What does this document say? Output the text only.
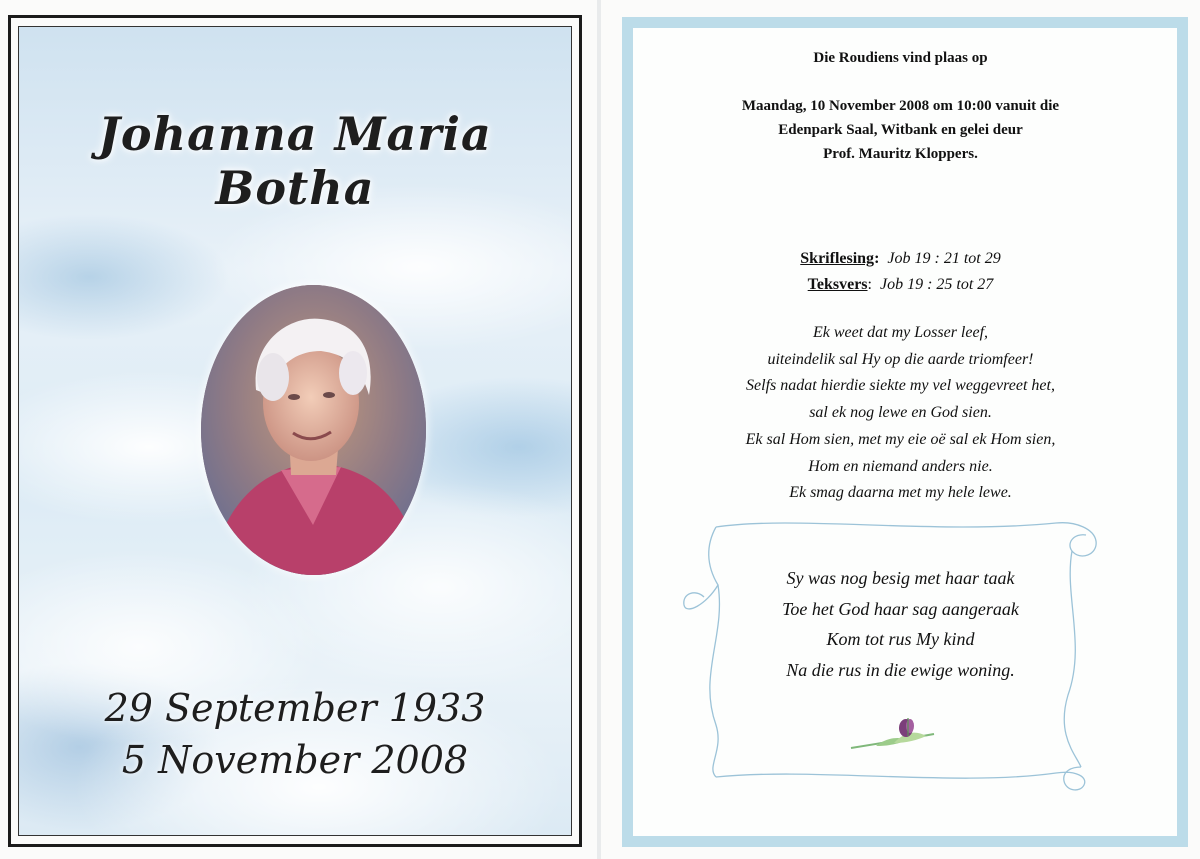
Johanna Maria Botha
29 September 1933
5 November 2008
Die Roudiens vind plaas op
Maandag, 10 November 2008 om 10:00 vanuit die
Edenpark Saal, Witbank en gelei deur
Prof. Mauritz Kloppers.
Skriflesing: Job 19 : 21 tot 29
Teksvers: Job 19 : 25 tot 27
Ek weet dat my Losser leef,
uiteindelik sal Hy op die aarde triomfeer!
Selfs nadat hierdie siekte my vel weggevreet het,
sal ek nog lewe en God sien.
Ek sal Hom sien, met my eie oë sal ek Hom sien,
Hom en niemand anders nie.
Ek smag daarna met my hele lewe.
Sy was nog besig met haar taak
Toe het God haar sag aangeraak
Kom tot rus My kind
Na die rus in die ewige woning.
